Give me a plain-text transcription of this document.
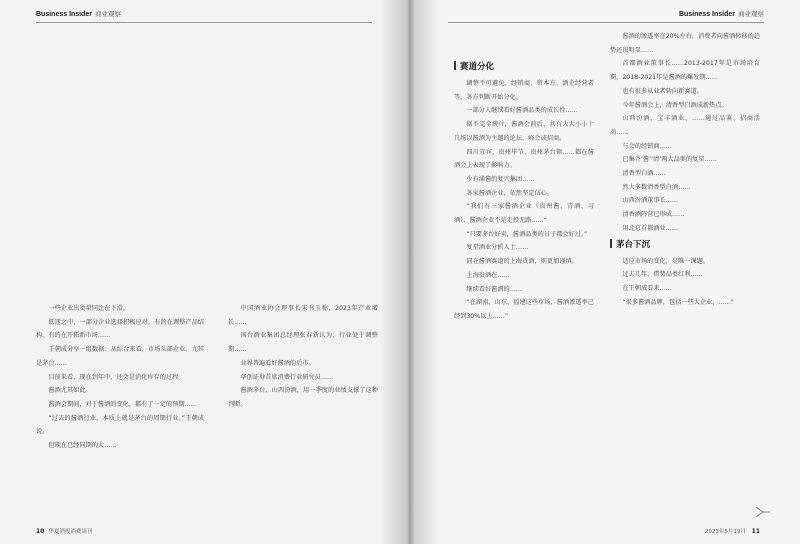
Business Insider 商业观察

一些企业出货量同比在下滑。

低迷之中，一部分企业选择积极应对，有的在调整产品结构，有的在开拓新市场……

王朝成分享一组数据：从综合来看，市场头部企业、尤其是茅台……

目前来看，现在到年中，还会是消化库存的过程。

酱酒尤其如此。

酱酒会期间，对于酱酒的变化，都有了一定的预期……

“过去的酱酒行业，本质上就是茅台的周期行业。”王朝成说。

但现在已经同期的大……

中国酒业协会理事长宋书玉称，2023年产业增长……

国台酒业集团总经理张春新认为，行业处于调整期……

业界普遍看好酱酒的后市。

华创证券首席消费行业研究员……

酱酒茅台、山西汾酒，用一季度的业绩支撑了这种判断。

10 华夏酒报消费周刊
Business Insider 商业观察
赛道分化

调整不可避免，经销商、资本方、酒企经营者等，各方判断开始分化。

一部分人继续看好酱酒品类的成长性……

据不完全统计，酱酒会前后，共有大大小小十几场以酱酒为主题的论坛、峰会或招商。

四川宜宾、贵州毕节、贵州茅台镇……都在酱酒会上表现了影响力。

少有涌酱的复兴集团……

各家酱酒企业，依然坚定信心。

“我们有三家酱酒企业（贵州酱、青酒、习酒），酱酒企业不是走投无路……”

“只要茅台好卖，酱酒品类的日子都会好过。”

复星酒业分析人士……

同在酱酒赛道的上海贵酒，则更加谨慎。

上海贵酒在……

继续看好酱酒的……

“在湖南、山东、福建这些市场，酱酒渗透率已经到30%以上……”

酱酒的渗透率在20%左右，消费者向酱酒转移的趋势还很明显……

首都酒业董事长……2013-2017年是市场培育期，2018-2021年是酱酒的爆发期……

也有很多从业者转向新赛道。

今年酱酒会上，清香型白酒成新热点。

山西汾酒、宝丰酒业、……通过品鉴、招商活动……

与会的经销商……

已集齐‘酱’‘清’两大品类的复星……

清香型白酒……

然大多数清香型白酒……

山西汾酒董事长……

清香酒阵营已形成……

用北京首都酒业……

茅台下沉

适应市场的变化，是唯一课题。

过去几年，借势品类红利……

在王朝成看来……

“很多酱酒品牌，包括一些大企业，……”

2023年5月19日 11
